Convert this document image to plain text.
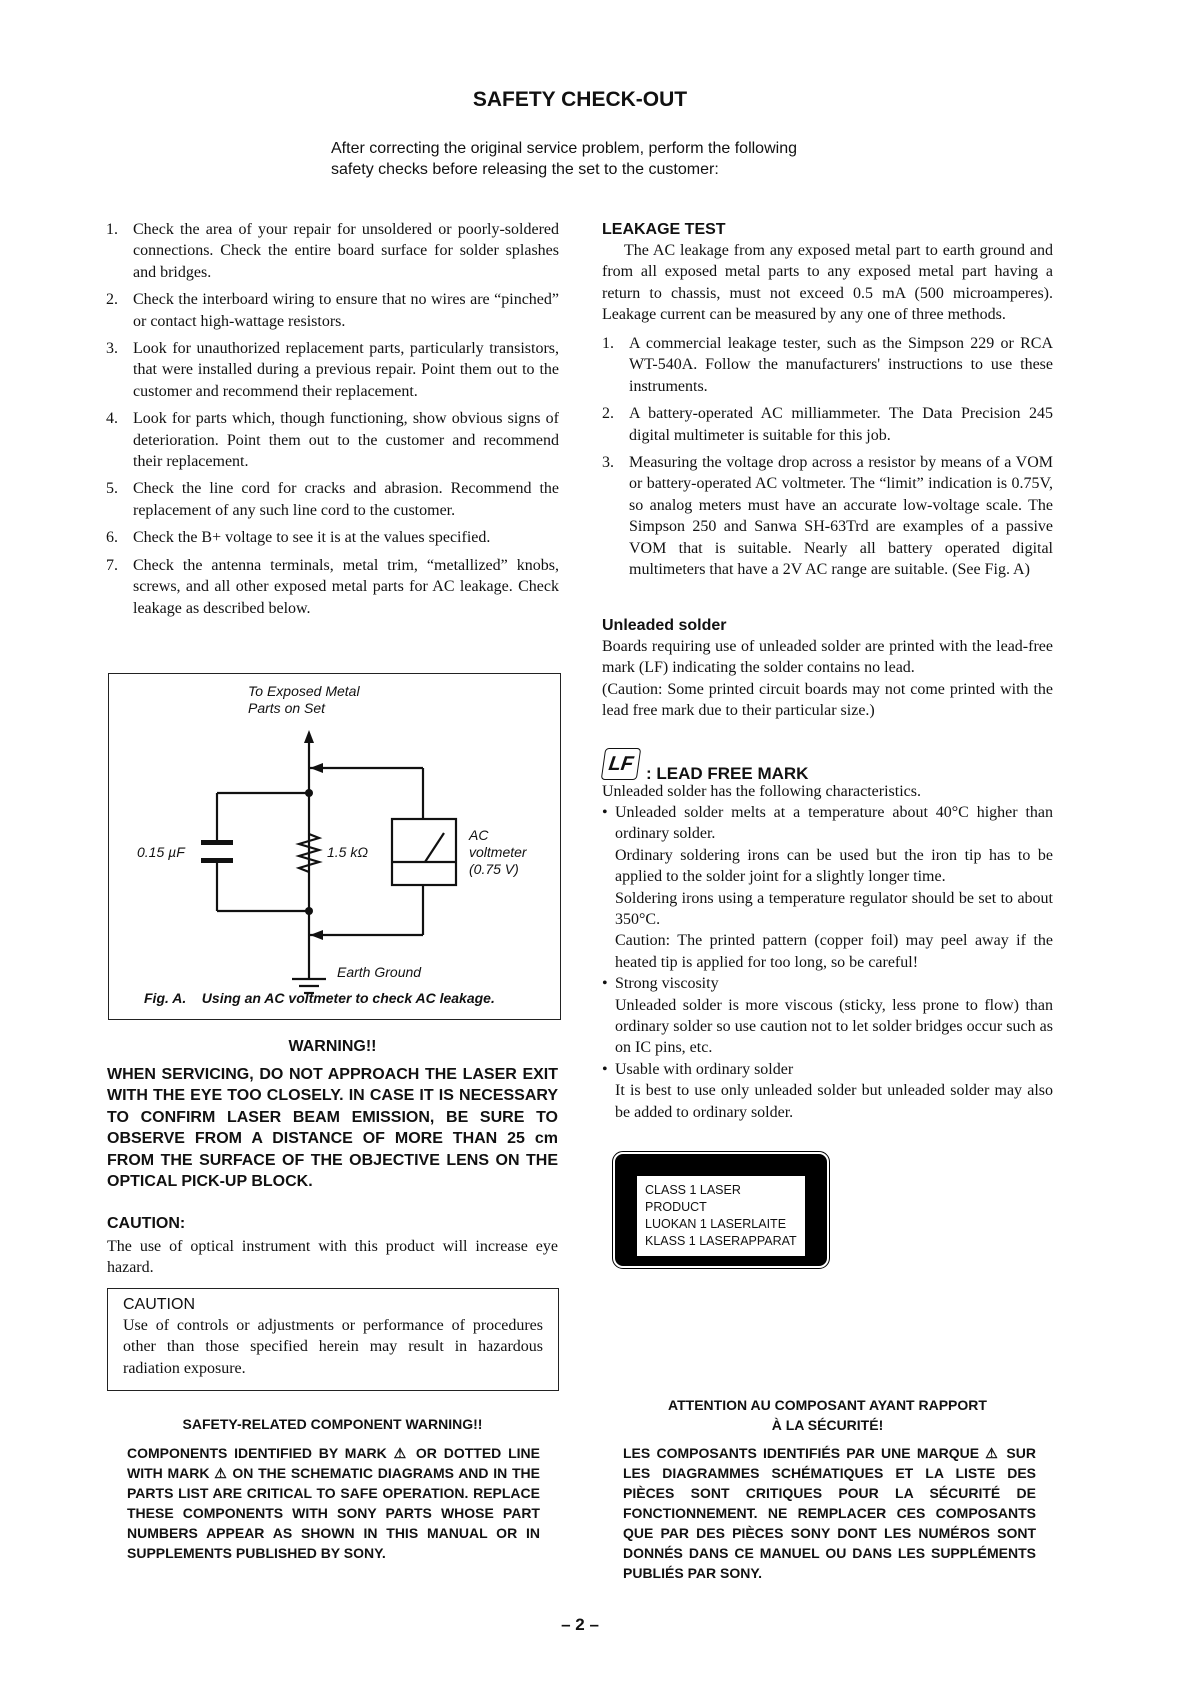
SAFETY CHECK-OUT
After correcting the original service problem, perform the following
safety checks before releasing the set to the customer:
1. Check the area of your repair for unsoldered or poorly-soldered connections. Check the entire board surface for solder splashes and bridges.
2. Check the interboard wiring to ensure that no wires are “pinched” or contact high-wattage resistors.
3. Look for unauthorized replacement parts, particularly transistors, that were installed during a previous repair. Point them out to the customer and recommend their replacement.
4. Look for parts which, though functioning, show obvious signs of deterioration. Point them out to the customer and recommend their replacement.
5. Check the line cord for cracks and abrasion. Recommend the replacement of any such line cord to the customer.
6. Check the B+ voltage to see it is at the values specified.
7. Check the antenna terminals, metal trim, “metallized” knobs, screws, and all other exposed metal parts for AC leakage. Check leakage as described below.
To Exposed Metal
Parts on Set
0.15 µF	1.5 kΩ
AC
voltmeter
(0.75 V)
Earth Ground
Fig. A.    Using an AC voltmeter to check AC leakage.
WARNING!!
WHEN SERVICING, DO NOT APPROACH THE LASER EXIT WITH THE EYE TOO CLOSELY. IN CASE IT IS NECESSARY TO CONFIRM LASER BEAM EMISSION, BE SURE TO OBSERVE FROM A DISTANCE OF MORE THAN 25 cm FROM THE SURFACE OF THE OBJECTIVE LENS ON THE OPTICAL PICK-UP BLOCK.
CAUTION:

The use of optical instrument with this product will increase eye hazard.

CAUTION

Use of controls or adjustments or performance of procedures other than those specified herein may result in hazardous radiation exposure.

SAFETY-RELATED COMPONENT WARNING!!
COMPONENTS IDENTIFIED BY MARK ⚠ OR DOTTED LINE WITH MARK ⚠ ON THE SCHEMATIC DIAGRAMS AND IN THE PARTS LIST ARE CRITICAL TO SAFE OPERATION. REPLACE THESE COMPONENTS WITH SONY PARTS WHOSE PART NUMBERS APPEAR AS SHOWN IN THIS MANUAL OR IN SUPPLEMENTS PUBLISHED BY SONY.
LEAKAGE TEST

The AC leakage from any exposed metal part to earth ground and from all exposed metal parts to any exposed metal part having a return to chassis, must not exceed 0.5 mA (500 microamperes). Leakage current can be measured by any one of three methods.

1. A commercial leakage tester, such as the Simpson 229 or RCA WT-540A. Follow the manufacturers' instructions to use these instruments.
2. A battery-operated AC milliammeter. The Data Precision 245 digital multimeter is suitable for this job.
3. Measuring the voltage drop across a resistor by means of a VOM or battery-operated AC voltmeter. The “limit” indication is 0.75V, so analog meters must have an accurate low-voltage scale. The Simpson 250 and Sanwa SH-63Trd are examples of a passive VOM that is suitable. Nearly all battery operated digital multimeters that have a 2V AC range are suitable. (See Fig. A)
Unleaded solder

Boards requiring use of unleaded solder are printed with the lead-free mark (LF) indicating the solder contains no lead.

(Caution: Some printed circuit boards may not come printed with the lead free mark due to their particular size.)

LF : LEAD FREE MARK

Unleaded solder has the following characteristics.

• Unleaded solder melts at a temperature about 40°C higher than ordinary solder.
Ordinary soldering irons can be used but the iron tip has to be applied to the solder joint for a slightly longer time.
Soldering irons using a temperature regulator should be set to about 350°C.
Caution: The printed pattern (copper foil) may peel away if the heated tip is applied for too long, so be careful!
• Strong viscosity
Unleaded solder is more viscous (sticky, less prone to flow) than ordinary solder so use caution not to let solder bridges occur such as on IC pins, etc.
• Usable with ordinary solder
It is best to use only unleaded solder but unleaded solder may also be added to ordinary solder.
CLASS 1 LASER PRODUCT
LUOKAN 1 LASERLAITE
KLASS 1 LASERAPPARAT
ATTENTION AU COMPOSANT AYANT RAPPORT
À LA SÉCURITÉ!
LES COMPOSANTS IDENTIFIÉS PAR UNE MARQUE ⚠ SUR LES DIAGRAMMES SCHÉMATIQUES ET LA LISTE DES PIÈCES SONT CRITIQUES POUR LA SÉCURITÉ DE FONCTIONNEMENT. NE REMPLACER CES COMPOSANTS QUE PAR DES PIÈCES SONY DONT LES NUMÉROS SONT DONNÉS DANS CE MANUEL OU DANS LES SUPPLÉMENTS PUBLIÉS PAR SONY.
– 2 –
